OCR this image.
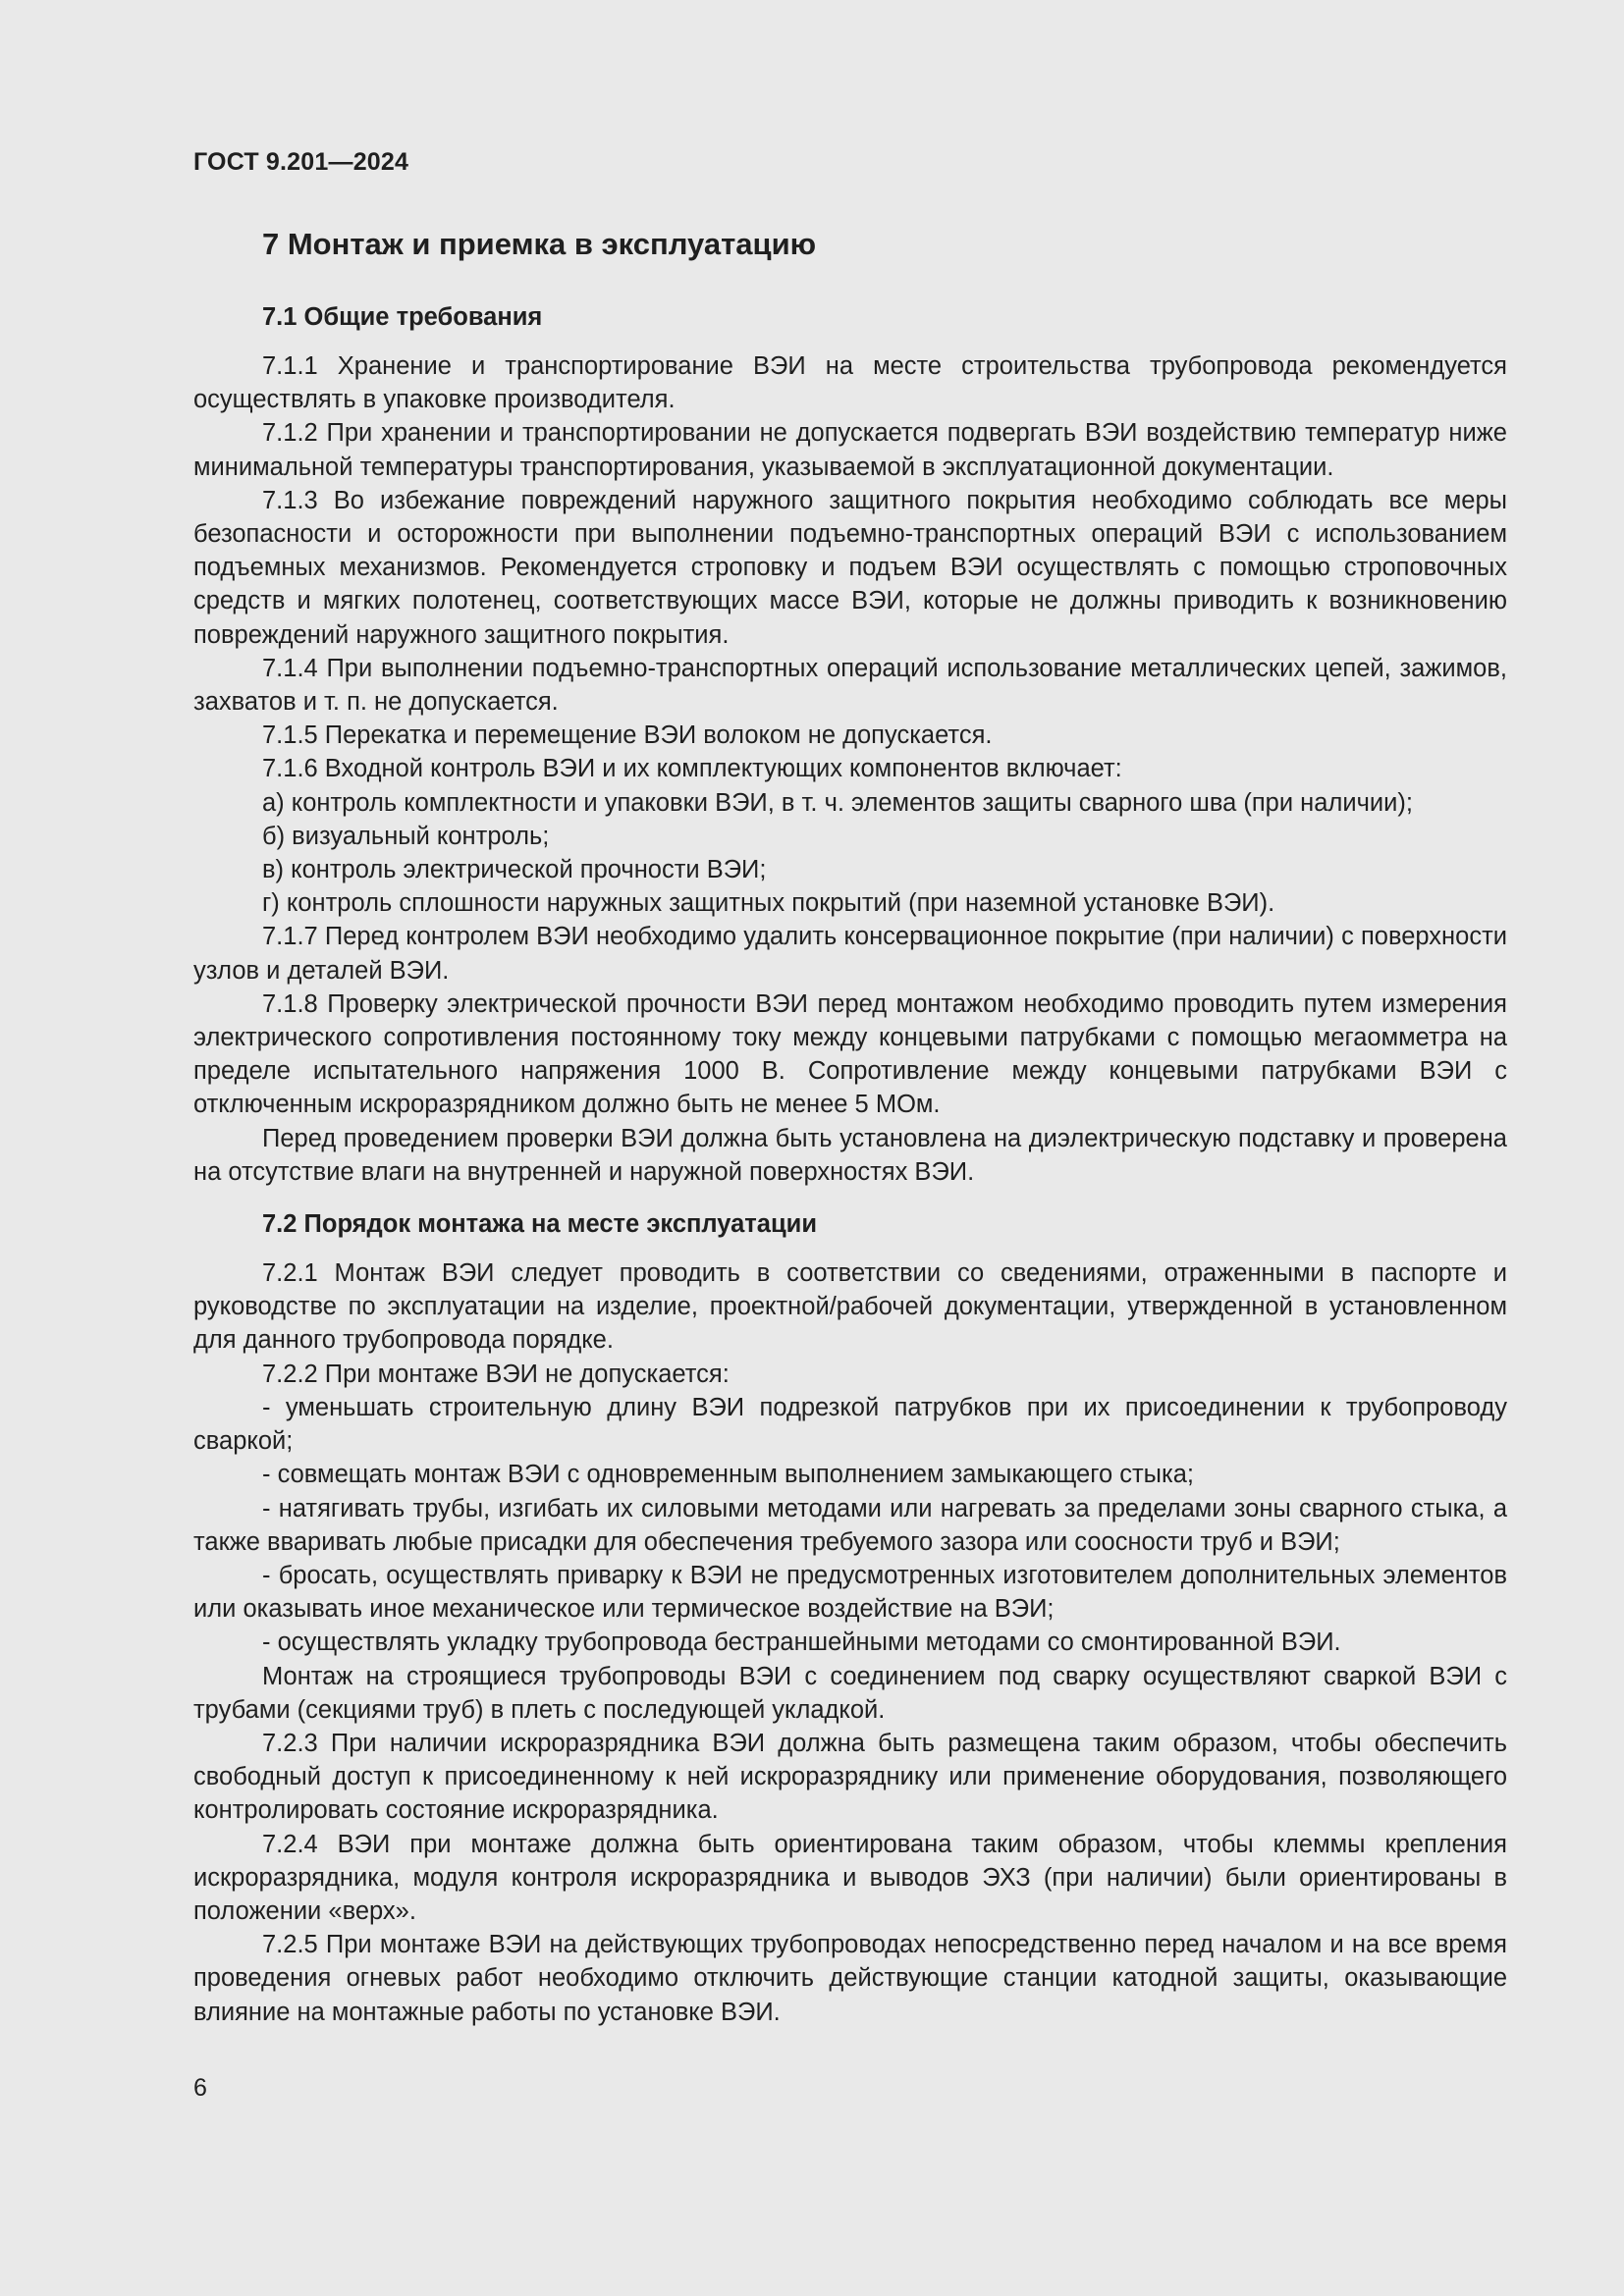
ГОСТ 9.201—2024
7 Монтаж и приемка в эксплуатацию
7.1 Общие требования

7.1.1 Хранение и транспортирование ВЭИ на месте строительства трубопровода рекомендуется осуществлять в упаковке производителя.

7.1.2 При хранении и транспортировании не допускается подвергать ВЭИ воздействию температур ниже минимальной температуры транспортирования, указываемой в эксплуатационной документации.

7.1.3 Во избежание повреждений наружного защитного покрытия необходимо соблюдать все меры безопасности и осторожности при выполнении подъемно-транспортных операций ВЭИ с использованием подъемных механизмов. Рекомендуется строповку и подъем ВЭИ осуществлять с помощью строповочных средств и мягких полотенец, соответствующих массе ВЭИ, которые не должны приводить к возникновению повреждений наружного защитного покрытия.

7.1.4 При выполнении подъемно-транспортных операций использование металлических цепей, зажимов, захватов и т. п. не допускается.

7.1.5 Перекатка и перемещение ВЭИ волоком не допускается.

7.1.6 Входной контроль ВЭИ и их комплектующих компонентов включает:

а) контроль комплектности и упаковки ВЭИ, в т. ч. элементов защиты сварного шва (при наличии);

б) визуальный контроль;

в) контроль электрической прочности ВЭИ;

г) контроль сплошности наружных защитных покрытий (при наземной установке ВЭИ).

7.1.7 Перед контролем ВЭИ необходимо удалить консервационное покрытие (при наличии) с поверхности узлов и деталей ВЭИ.

7.1.8 Проверку электрической прочности ВЭИ перед монтажом необходимо проводить путем измерения электрического сопротивления постоянному току между концевыми патрубками с помощью мегаомметра на пределе испытательного напряжения 1000 В. Сопротивление между концевыми патрубками ВЭИ с отключенным искроразрядником должно быть не менее 5 МОм.

Перед проведением проверки ВЭИ должна быть установлена на диэлектрическую подставку и проверена на отсутствие влаги на внутренней и наружной поверхностях ВЭИ.

7.2 Порядок монтажа на месте эксплуатации

7.2.1 Монтаж ВЭИ следует проводить в соответствии со сведениями, отраженными в паспорте и руководстве по эксплуатации на изделие, проектной/рабочей документации, утвержденной в установленном для данного трубопровода порядке.

7.2.2 При монтаже ВЭИ не допускается:

- уменьшать строительную длину ВЭИ подрезкой патрубков при их присоединении к трубопроводу сваркой;

- совмещать монтаж ВЭИ с одновременным выполнением замыкающего стыка;

- натягивать трубы, изгибать их силовыми методами или нагревать за пределами зоны сварного стыка, а также вваривать любые присадки для обеспечения требуемого зазора или соосности труб и ВЭИ;

- бросать, осуществлять приварку к ВЭИ не предусмотренных изготовителем дополнительных элементов или оказывать иное механическое или термическое воздействие на ВЭИ;

- осуществлять укладку трубопровода бестраншейными методами со смонтированной ВЭИ.

Монтаж на строящиеся трубопроводы ВЭИ с соединением под сварку осуществляют сваркой ВЭИ с трубами (секциями труб) в плеть с последующей укладкой.

7.2.3 При наличии искроразрядника ВЭИ должна быть размещена таким образом, чтобы обеспечить свободный доступ к присоединенному к ней искроразряднику или применение оборудования, позволяющего контролировать состояние искроразрядника.

7.2.4 ВЭИ при монтаже должна быть ориентирована таким образом, чтобы клеммы крепления искроразрядника, модуля контроля искроразрядника и выводов ЭХЗ (при наличии) были ориентированы в положении «верх».

7.2.5 При монтаже ВЭИ на действующих трубопроводах непосредственно перед началом и на все время проведения огневых работ необходимо отключить действующие станции катодной защиты, оказывающие влияние на монтажные работы по установке ВЭИ.

6
